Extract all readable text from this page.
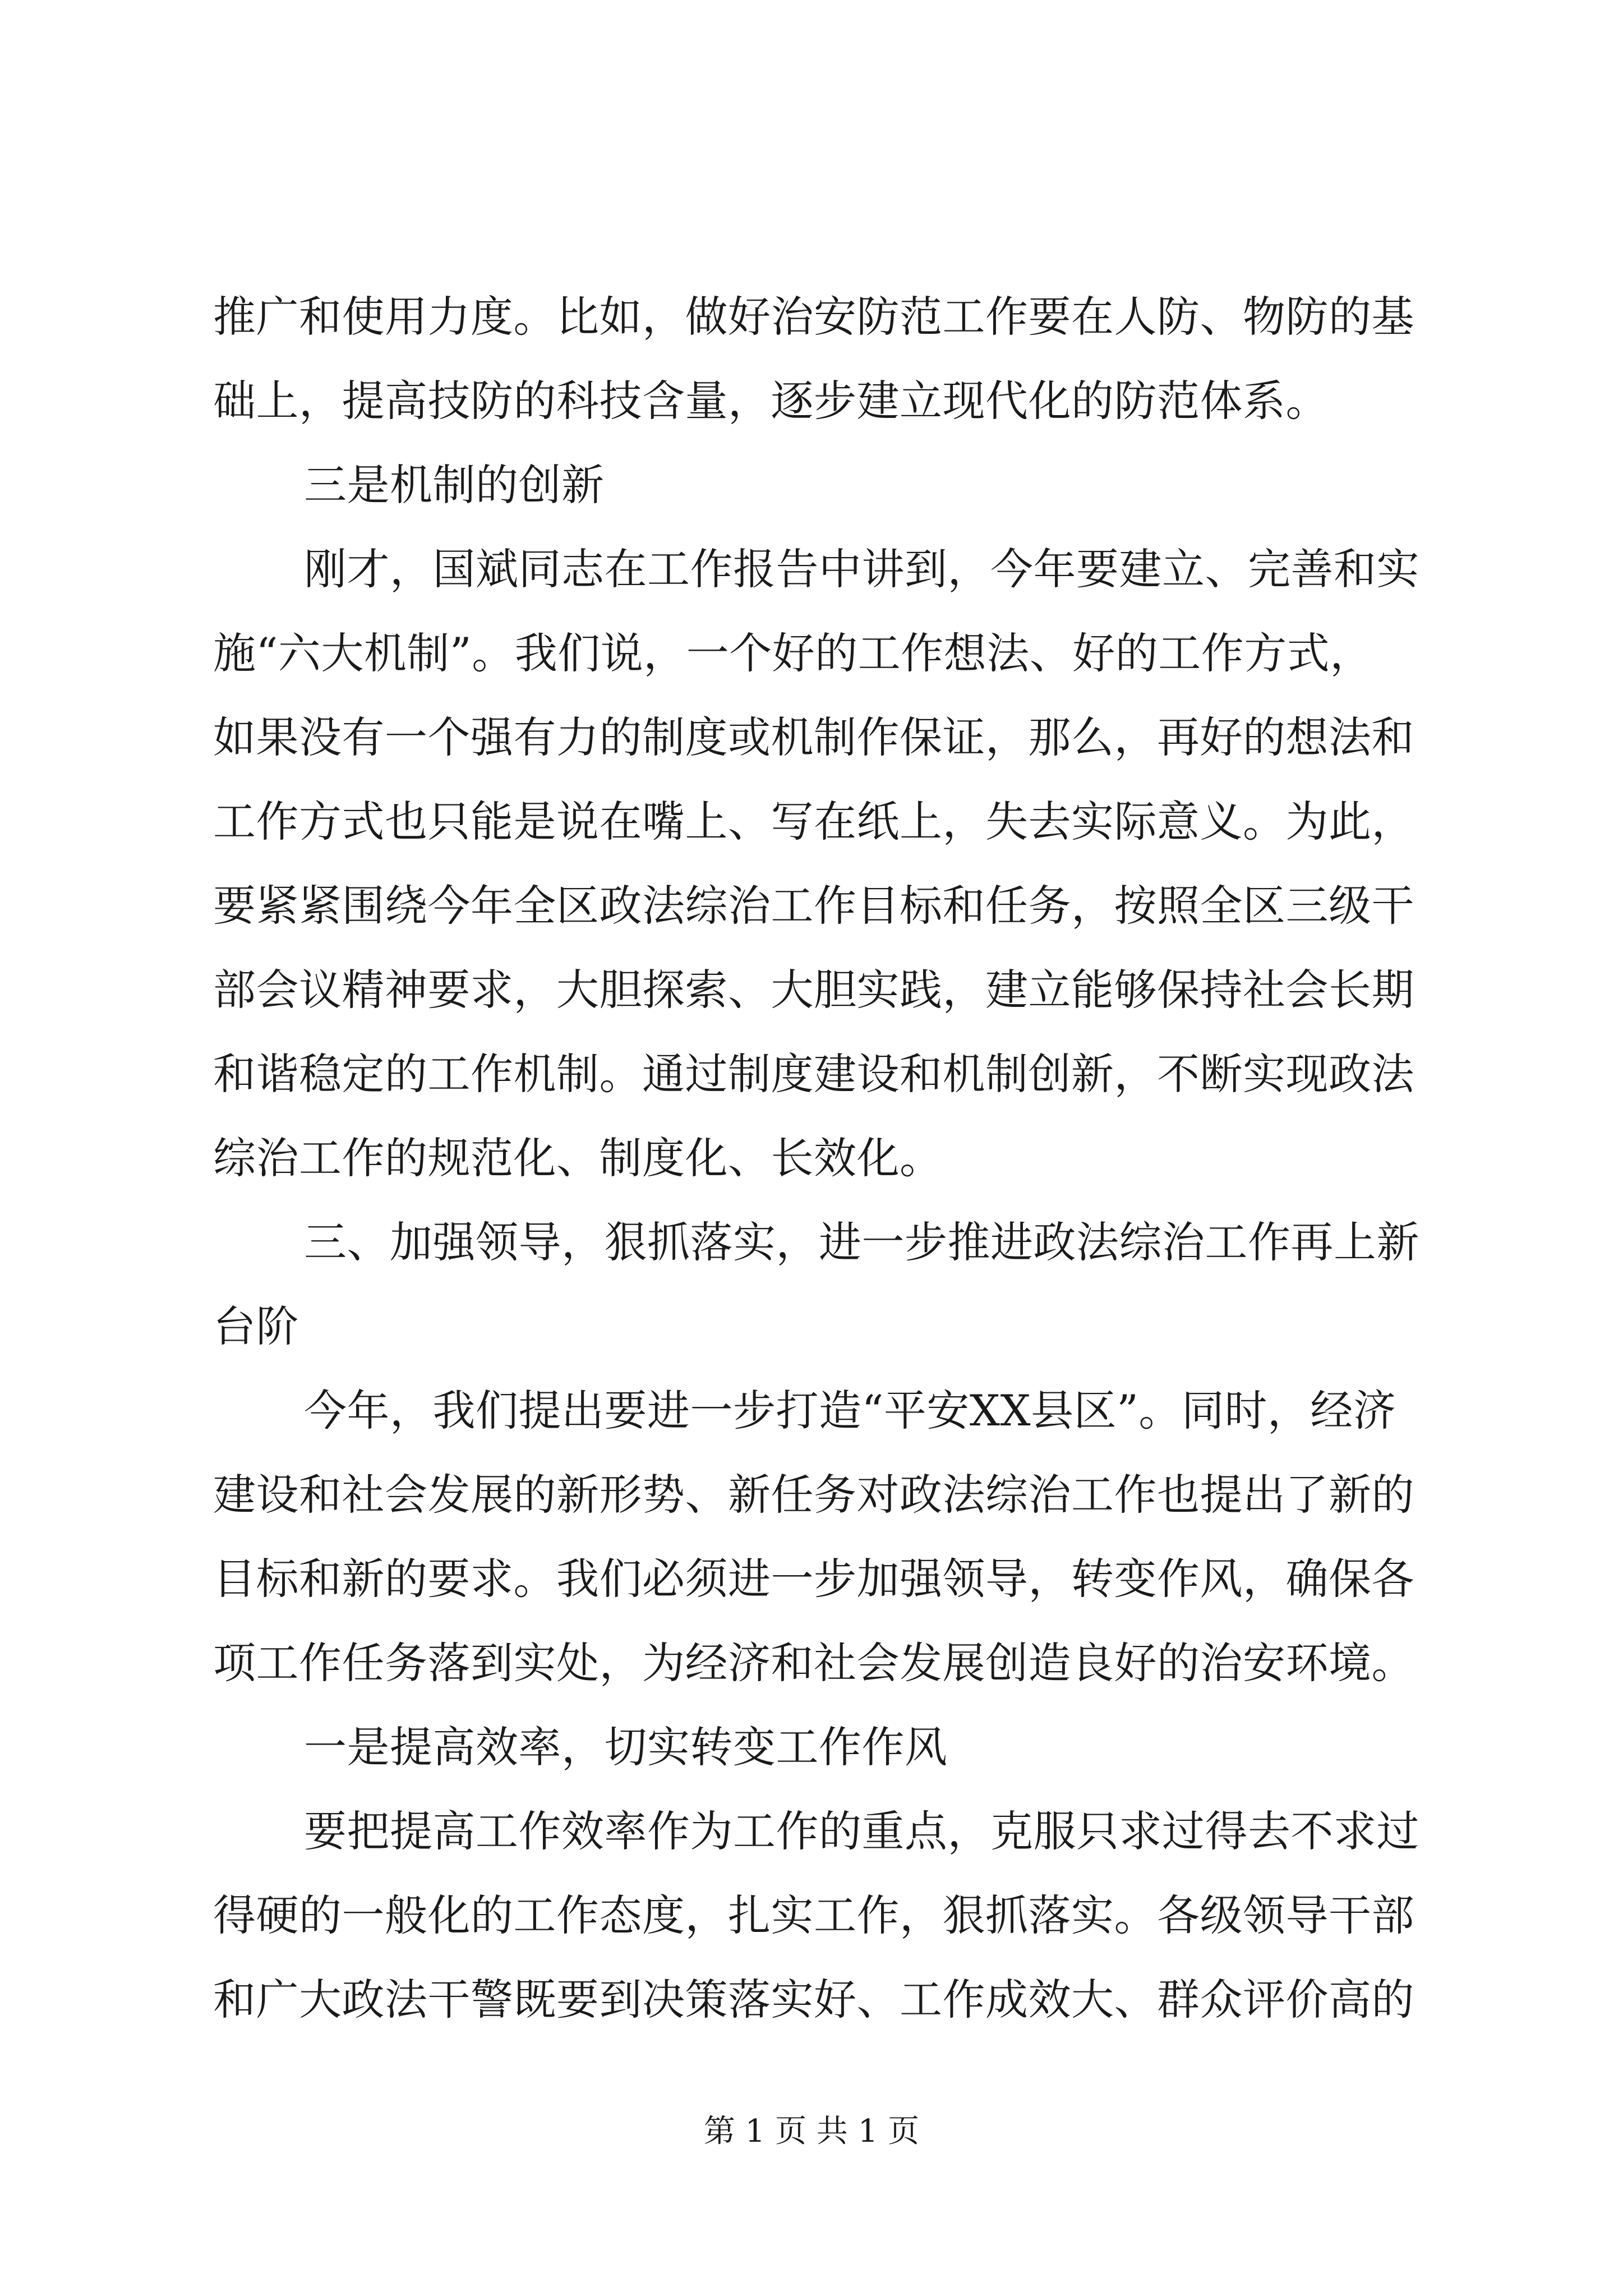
推广和使用力度。比如，做好治安防范工作要在人防、物防的基
础上，提高技防的科技含量，逐步建立现代化的防范体系。
三是机制的创新
刚才，国斌同志在工作报告中讲到，今年要建立、完善和实
施“六大机制”。我们说，一个好的工作想法、好的工作方式，
如果没有一个强有力的制度或机制作保证，那么，再好的想法和
工作方式也只能是说在嘴上、写在纸上，失去实际意义。为此，
要紧紧围绕今年全区政法综治工作目标和任务，按照全区三级干
部会议精神要求，大胆探索、大胆实践，建立能够保持社会长期
和谐稳定的工作机制。通过制度建设和机制创新，不断实现政法
综治工作的规范化、制度化、长效化。
三、加强领导，狠抓落实，进一步推进政法综治工作再上新
台阶
今年，我们提出要进一步打造“平安XX县区”。同时，经济
建设和社会发展的新形势、新任务对政法综治工作也提出了新的
目标和新的要求。我们必须进一步加强领导，转变作风，确保各
项工作任务落到实处，为经济和社会发展创造良好的治安环境。
一是提高效率，切实转变工作作风
要把提高工作效率作为工作的重点，克服只求过得去不求过
得硬的一般化的工作态度，扎实工作，狠抓落实。各级领导干部
和广大政法干警既要到决策落实好、工作成效大、群众评价高的
第 1 页 共 1 页
